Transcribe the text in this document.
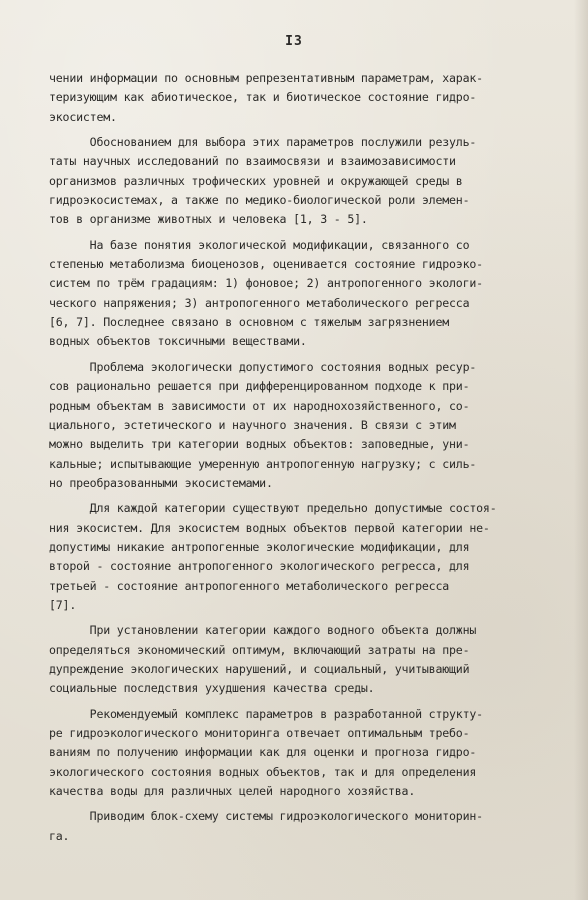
I3
чении информации по основным репрезентативным параметрам, харак-
теризующим как абиотическое, так и биотическое состояние гидро-
экосистем.
Обоснованием для выбора этих параметров послужили резуль-
таты научных исследований по взаимосвязи и взаимозависимости
организмов различных трофических уровней и окружающей среды в
гидроэкосистемах, а также по медико-биологической роли элемен-
тов в организме животных и человека [1, 3 - 5].
На базе понятия экологической модификации, связанного со
степенью метаболизма биоценозов, оценивается состояние гидроэко-
систем по трём градациям: 1) фоновое; 2) антропогенного экологи-
ческого напряжения; 3) антропогенного метаболического регресса
[6, 7]. Последнее связано в основном с тяжелым загрязнением
водных объектов токсичными веществами.
Проблема экологически допустимого состояния водных ресур-
сов рационально решается при дифференцированном подходе к при-
родным объектам в зависимости от их народнохозяйственного, со-
циального, эстетического и научного значения. В связи с этим
можно выделить три категории водных объектов: заповедные, уни-
кальные; испытывающие умеренную антропогенную нагрузку; с силь-
но преобразованными экосистемами.
Для каждой категории существуют предельно допустимые состоя-
ния экосистем. Для экосистем водных объектов первой категории не-
допустимы никакие антропогенные экологические модификации, для
второй - состояние антропогенного экологического регресса, для
третьей - состояние антропогенного метаболического регресса
[7].
При установлении категории каждого водного объекта должны
определяться экономический оптимум, включающий затраты на пре-
дупреждение экологических нарушений, и социальный, учитывающий
социальные последствия ухудшения качества среды.
Рекомендуемый комплекс параметров в разработанной структу-
ре гидроэкологического мониторинга отвечает оптимальным требо-
ваниям по получению информации как для оценки и прогноза гидро-
экологического состояния водных объектов, так и для определения
качества воды для различных целей народного хозяйства.
Приводим блок-схему системы гидроэкологического мониторин-
га.
